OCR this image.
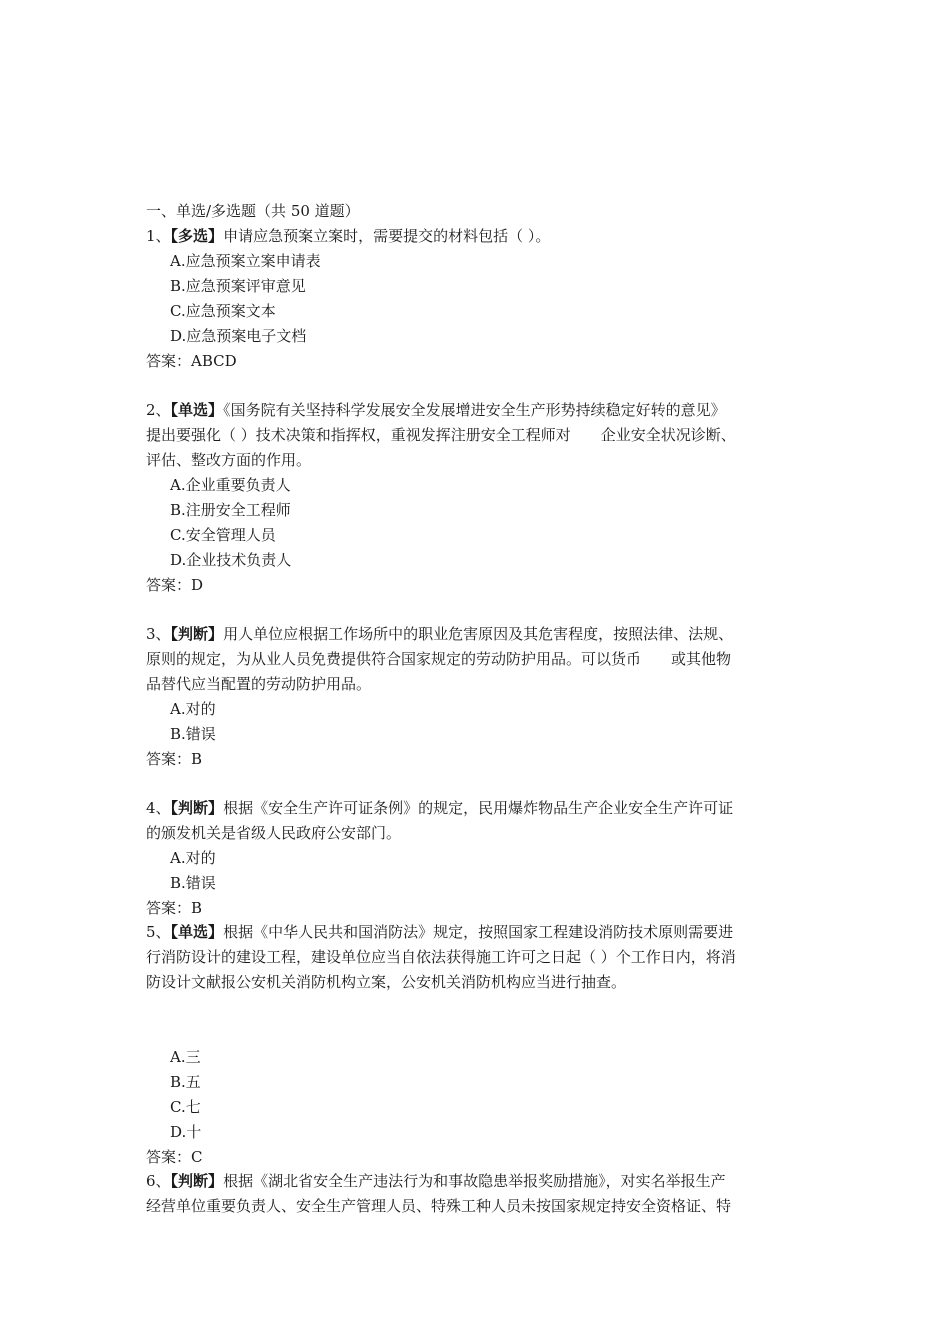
一、单选/多选题（共 50 道题）
1、【多选】申请应急预案立案时，需要提交的材料包括（ ）。
A.应急预案立案申请表
B.应急预案评审意见
C.应急预案文本
D.应急预案电子文档
答案：ABCD
2、【单选】《国务院有关坚持科学发展安全发展增进安全生产形势持续稳定好转的意见》
提出要强化（ ）技术决策和指挥权，重视发挥注册安全工程师对　　企业安全状况诊断、
评估、整改方面的作用。
A.企业重要负责人
B.注册安全工程师
C.安全管理人员
D.企业技术负责人
答案：D
3、【判断】用人单位应根据工作场所中的职业危害原因及其危害程度，按照法律、法规、
原则的规定，为从业人员免费提供符合国家规定的劳动防护用品。可以货币　　或其他物
品替代应当配置的劳动防护用品。
A.对的
B.错误
答案：B
4、【判断】根据《安全生产许可证条例》的规定，民用爆炸物品生产企业安全生产许可证
的颁发机关是省级人民政府公安部门。
A.对的
B.错误
答案：B
5、【单选】根据《中华人民共和国消防法》规定，按照国家工程建设消防技术原则需要进
行消防设计的建设工程，建设单位应当自依法获得施工许可之日起（ ）个工作日内，将消
防设计文献报公安机关消防机构立案，公安机关消防机构应当进行抽查。
A.三
B.五
C.七
D.十
答案：C
6、【判断】根据《湖北省安全生产违法行为和事故隐患举报奖励措施》，对实名举报生产
经营单位重要负责人、安全生产管理人员、特殊工种人员未按国家规定持安全资格证、特
